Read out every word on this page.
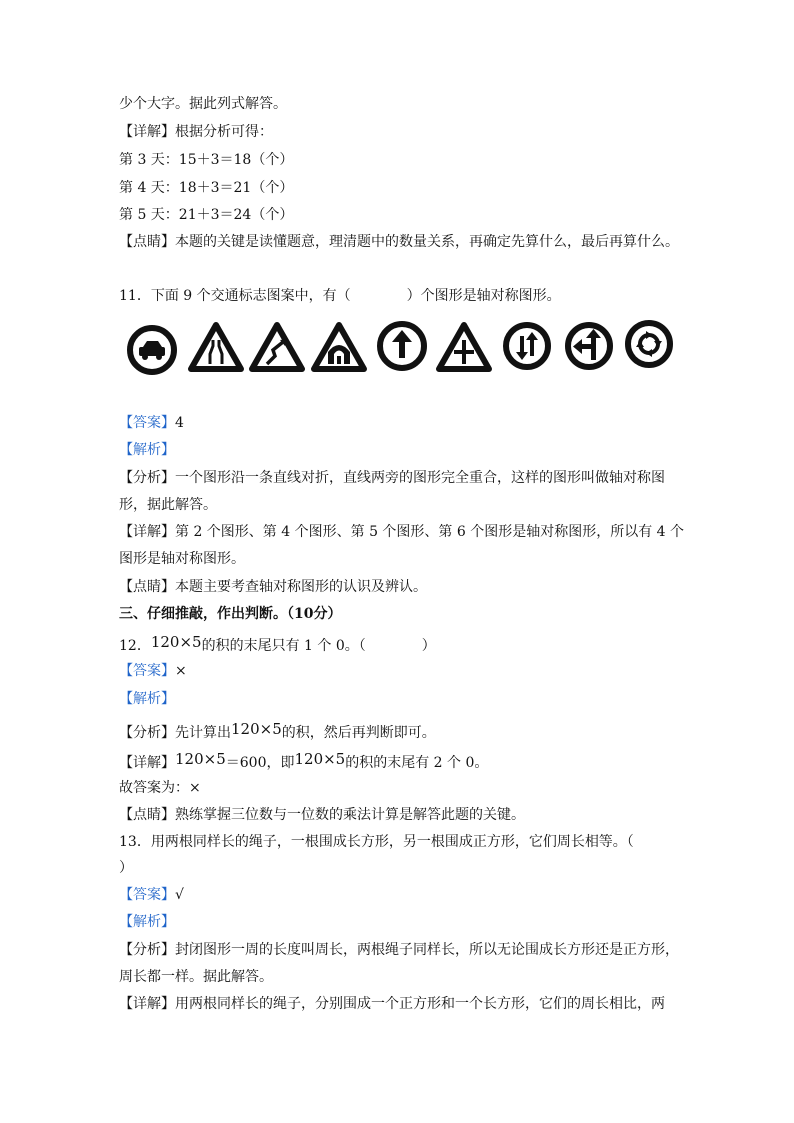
少个大字。据此列式解答。
【详解】根据分析可得：
第 3 天：15＋3＝18（个）
第 4 天：18＋3＝21（个）
第 5 天：21＋3＝24（个）
【点睛】本题的关键是读懂题意，理清题中的数量关系，再确定先算什么，最后再算什么。
11．下面 9 个交通标志图案中，有（　　　　）个图形是轴对称图形。
【答案】4
【解析】
【分析】一个图形沿一条直线对折，直线两旁的图形完全重合，这样的图形叫做轴对称图
形，据此解答。
【详解】第 2 个图形、第 4 个图形、第 5 个图形、第 6 个图形是轴对称图形，所以有 4 个
图形是轴对称图形。
【点睛】本题主要考查轴对称图形的认识及辨认。
三、仔细推敲，作出判断。（10分）
12．120×5的积的末尾只有 1 个 0。（　　　　）
【答案】×
【解析】
【分析】先计算出120×5的积，然后再判断即可。
【详解】120×5＝600，即120×5的积的末尾有 2 个 0。
故答案为：×
【点睛】熟练掌握三位数与一位数的乘法计算是解答此题的关键。
13．用两根同样长的绳子，一根围成长方形，另一根围成正方形，它们周长相等。（
）
【答案】√
【解析】
【分析】封闭图形一周的长度叫周长，两根绳子同样长，所以无论围成长方形还是正方形，
周长都一样。据此解答。
【详解】用两根同样长的绳子，分别围成一个正方形和一个长方形，它们的周长相比，两
